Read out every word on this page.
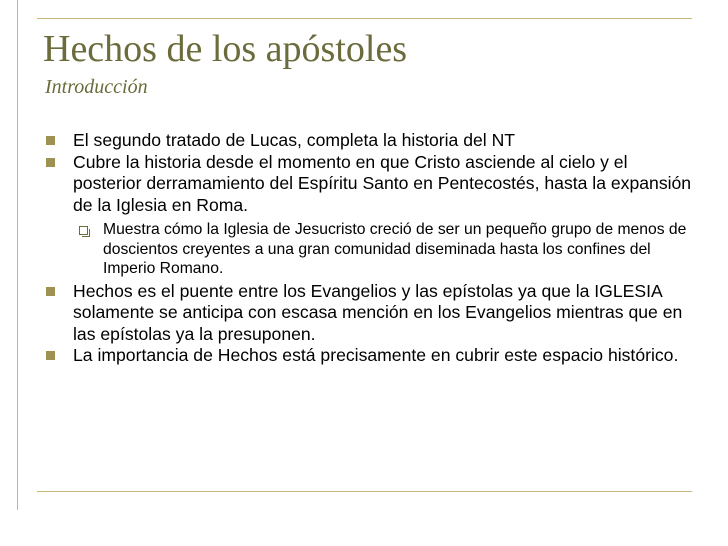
Hechos de los apóstoles
Introducción
El segundo tratado de Lucas, completa la historia del NT
Cubre la historia desde el momento en que Cristo asciende al cielo y el posterior derramamiento del Espíritu Santo en Pentecostés, hasta la expansión de la Iglesia en Roma.
Muestra cómo la Iglesia de Jesucristo creció de ser un pequeño grupo de menos de doscientos creyentes a una gran comunidad diseminada hasta los confines del Imperio Romano.
Hechos es el puente entre los Evangelios y las epístolas ya que la IGLESIA solamente se anticipa con escasa mención en los Evangelios mientras que en las epístolas ya la presuponen.
La importancia de Hechos está precisamente en cubrir este espacio histórico.
